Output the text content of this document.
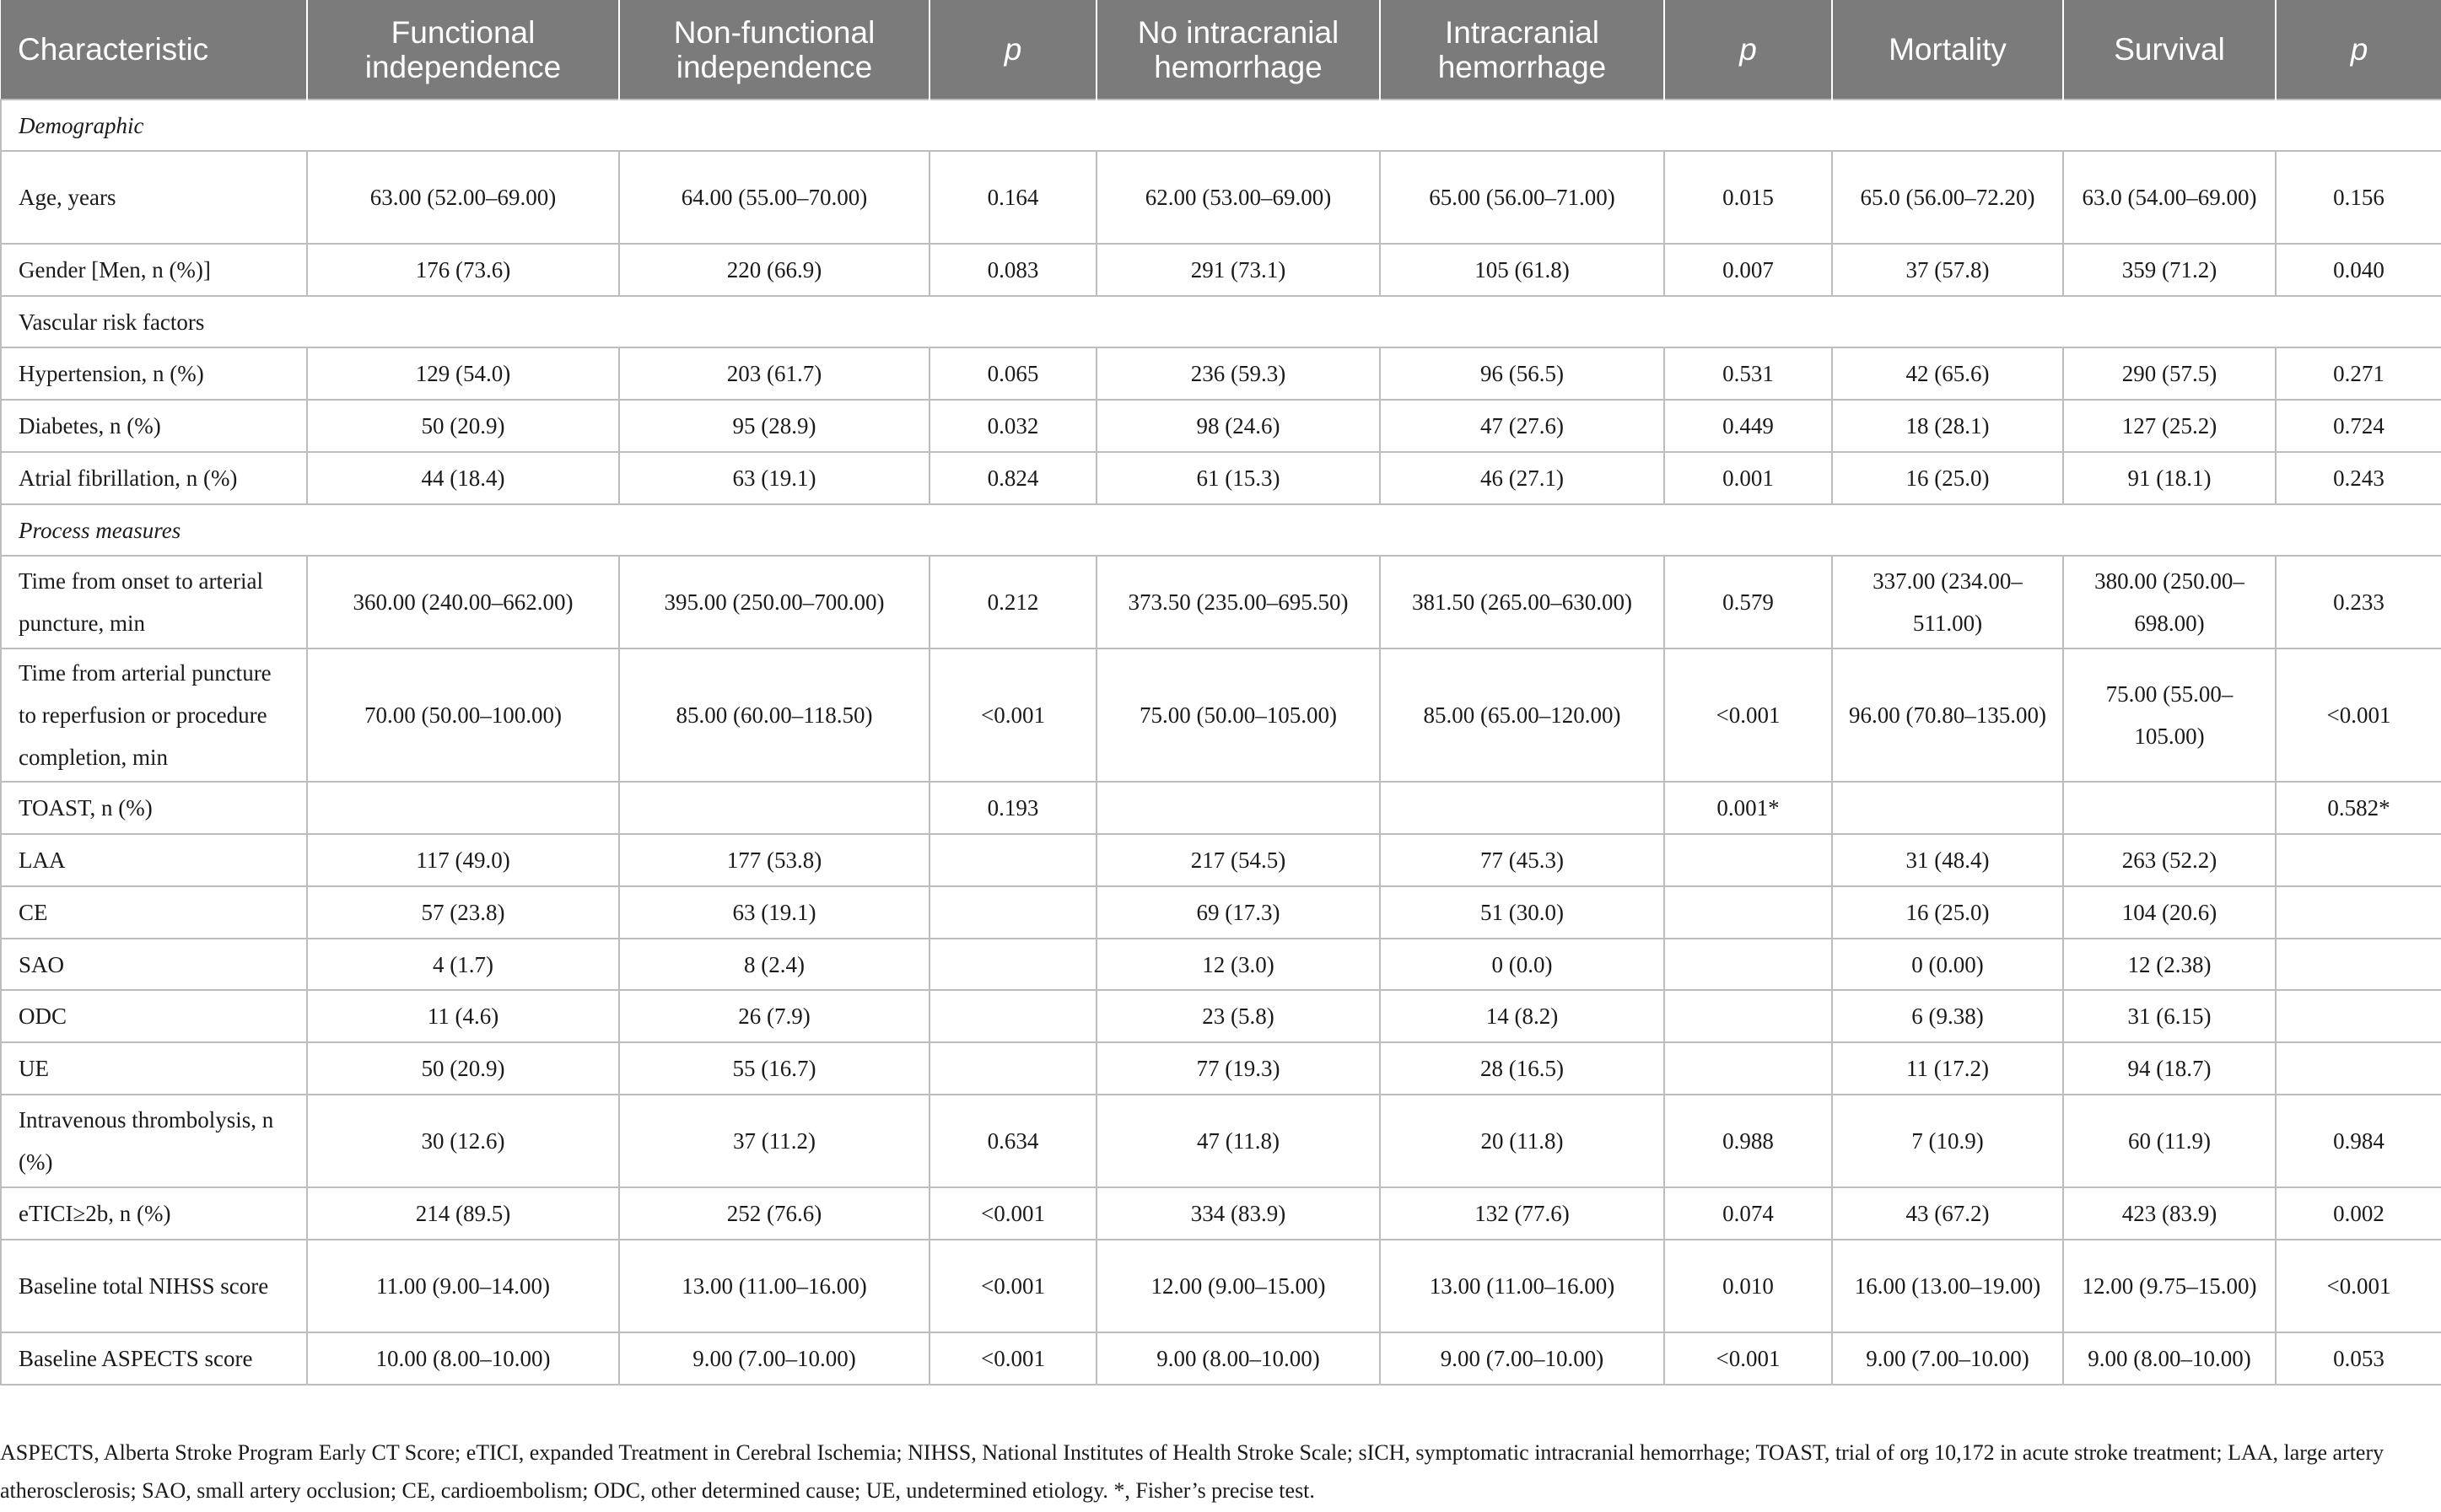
Characteristic	Functional independence	Non-functional independence	p	No intracranial hemorrhage	Intracranial hemorrhage	p	Mortality	Survival	p
Demographic									
Age, years	63.00 (52.00–69.00)	64.00 (55.00–70.00)	0.164	62.00 (53.00–69.00)	65.00 (56.00–71.00)	0.015	65.0 (56.00–72.20)	63.0 (54.00–69.00)	0.156
Gender [Men, n (%)]	176 (73.6)	220 (66.9)	0.083	291 (73.1)	105 (61.8)	0.007	37 (57.8)	359 (71.2)	0.040
Vascular risk factors									
Hypertension, n (%)	129 (54.0)	203 (61.7)	0.065	236 (59.3)	96 (56.5)	0.531	42 (65.6)	290 (57.5)	0.271
Diabetes, n (%)	50 (20.9)	95 (28.9)	0.032	98 (24.6)	47 (27.6)	0.449	18 (28.1)	127 (25.2)	0.724
Atrial fibrillation, n (%)	44 (18.4)	63 (19.1)	0.824	61 (15.3)	46 (27.1)	0.001	16 (25.0)	91 (18.1)	0.243
Process measures									
Time from onset to arterial puncture, min	360.00 (240.00–662.00)	395.00 (250.00–700.00)	0.212	373.50 (235.00–695.50)	381.50 (265.00–630.00)	0.579	337.00 (234.00–511.00)	380.00 (250.00–698.00)	0.233
Time from arterial puncture to reperfusion or procedure completion, min	70.00 (50.00–100.00)	85.00 (60.00–118.50)	<0.001	75.00 (50.00–105.00)	85.00 (65.00–120.00)	<0.001	96.00 (70.80–135.00)	75.00 (55.00–105.00)	<0.001
TOAST, n (%)			0.193			0.001*			0.582*
LAA	117 (49.0)	177 (53.8)		217 (54.5)	77 (45.3)		31 (48.4)	263 (52.2)	
CE	57 (23.8)	63 (19.1)		69 (17.3)	51 (30.0)		16 (25.0)	104 (20.6)	
SAO	4 (1.7)	8 (2.4)		12 (3.0)	0 (0.0)		0 (0.00)	12 (2.38)	
ODC	11 (4.6)	26 (7.9)		23 (5.8)	14 (8.2)		6 (9.38)	31 (6.15)	
UE	50 (20.9)	55 (16.7)		77 (19.3)	28 (16.5)		11 (17.2)	94 (18.7)	
Intravenous thrombolysis, n (%)	30 (12.6)	37 (11.2)	0.634	47 (11.8)	20 (11.8)	0.988	7 (10.9)	60 (11.9)	0.984
eTICI≥2b, n (%)	214 (89.5)	252 (76.6)	<0.001	334 (83.9)	132 (77.6)	0.074	43 (67.2)	423 (83.9)	0.002
Baseline total NIHSS score	11.00 (9.00–14.00)	13.00 (11.00–16.00)	<0.001	12.00 (9.00–15.00)	13.00 (11.00–16.00)	0.010	16.00 (13.00–19.00)	12.00 (9.75–15.00)	<0.001
Baseline ASPECTS score	10.00 (8.00–10.00)	9.00 (7.00–10.00)	<0.001	9.00 (8.00–10.00)	9.00 (7.00–10.00)	<0.001	9.00 (7.00–10.00)	9.00 (8.00–10.00)	0.053
ASPECTS, Alberta Stroke Program Early CT Score; eTICI, expanded Treatment in Cerebral Ischemia; NIHSS, National Institutes of Health Stroke Scale; sICH, symptomatic intracranial hemorrhage; TOAST, trial of org 10,172 in acute stroke treatment; LAA, large artery atherosclerosis; SAO, small artery occlusion; CE, cardioembolism; ODC, other determined cause; UE, undetermined etiology. *, Fisher’s precise test.
